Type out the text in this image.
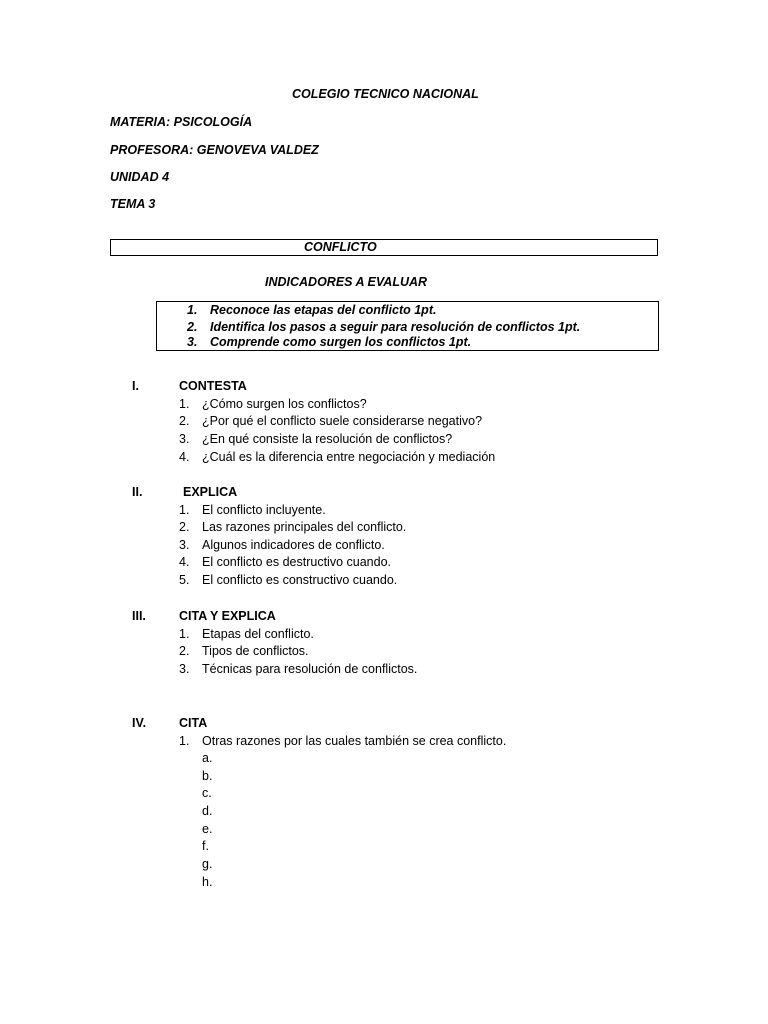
COLEGIO TECNICO NACIONAL
MATERIA: PSICOLOGÍA
PROFESORA: GENOVEVA VALDEZ
UNIDAD 4
TEMA 3
CONFLICTO
INDICADORES A EVALUAR
1. Reconoce las etapas del conflicto 1pt.
2. Identifica los pasos a seguir para resolución de conflictos 1pt.
3. Comprende como surgen los conflictos 1pt.
I.	CONTESTA
1. ¿Cómo surgen los conflictos?
2. ¿Por qué el conflicto suele considerarse negativo?
3. ¿En qué consiste la resolución de conflictos?
4. ¿Cuál es la diferencia entre negociación y mediación
II.	EXPLICA
1. El conflicto incluyente.
2. Las razones principales del conflicto.
3. Algunos indicadores de conflicto.
4. El conflicto es destructivo cuando.
5. El conflicto es constructivo cuando.
III.	CITA Y EXPLICA
1. Etapas del conflicto.
2. Tipos de conflictos.
3. Técnicas para resolución de conflictos.
IV.	CITA
1. Otras razones por las cuales también se crea conflicto.
a.
b.
c.
d.
e.
f.
g.
h.
